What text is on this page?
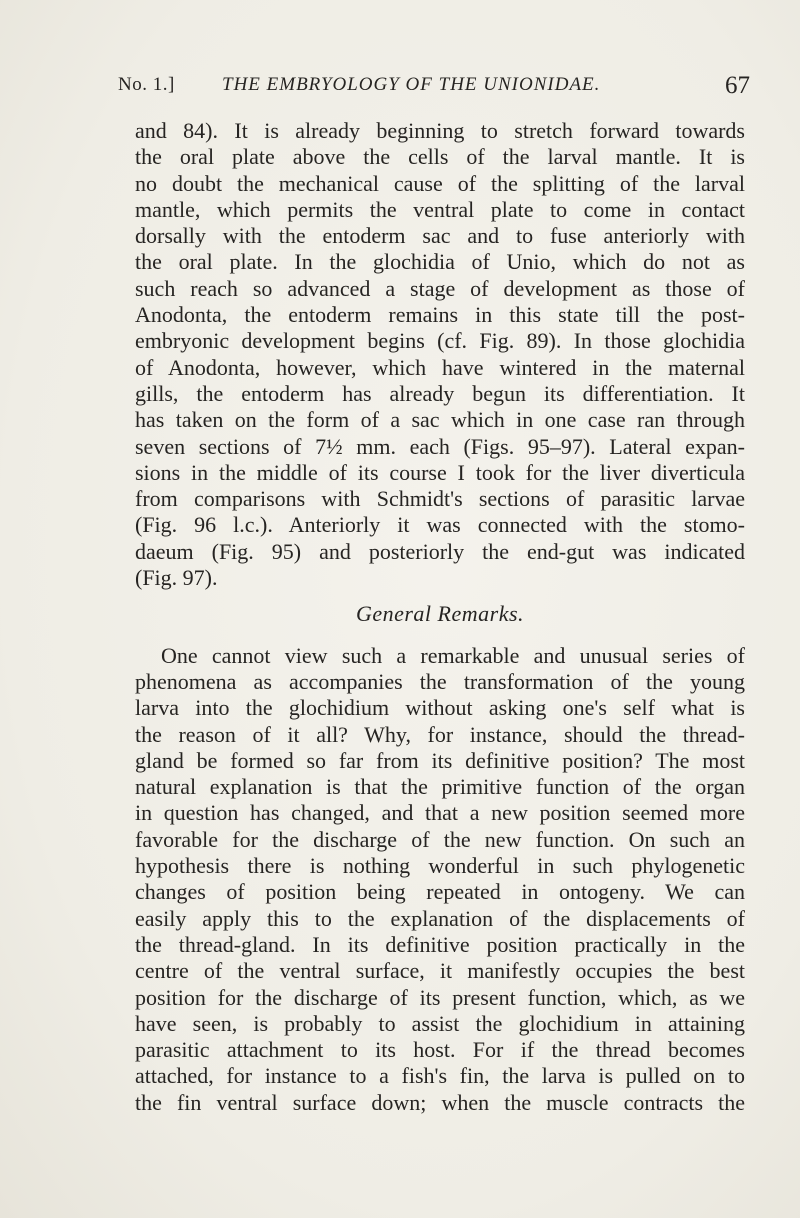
No. 1.] THE EMBRYOLOGY OF THE UNIONIDAE.	67
and 84). It is already beginning to stretch forward towards
the oral plate above the cells of the larval mantle. It is
no doubt the mechanical cause of the splitting of the larval
mantle, which permits the ventral plate to come in contact
dorsally with the entoderm sac and to fuse anteriorly with
the oral plate. In the glochidia of Unio, which do not as
such reach so advanced a stage of development as those of
Anodonta, the entoderm remains in this state till the post-
embryonic development begins (cf. Fig. 89). In those glochidia
of Anodonta, however, which have wintered in the maternal
gills, the entoderm has already begun its differentiation. It
has taken on the form of a sac which in one case ran through
seven sections of 7½ mm. each (Figs. 95–97). Lateral expan-
sions in the middle of its course I took for the liver diverticula
from comparisons with Schmidt's sections of parasitic larvae
(Fig. 96 l.c.). Anteriorly it was connected with the stomo-
daeum (Fig. 95) and posteriorly the end-gut was indicated
(Fig. 97).
General Remarks.
One cannot view such a remarkable and unusual series of
phenomena as accompanies the transformation of the young
larva into the glochidium without asking one's self what is
the reason of it all? Why, for instance, should the thread-
gland be formed so far from its definitive position? The most
natural explanation is that the primitive function of the organ
in question has changed, and that a new position seemed more
favorable for the discharge of the new function. On such an
hypothesis there is nothing wonderful in such phylogenetic
changes of position being repeated in ontogeny. We can
easily apply this to the explanation of the displacements of
the thread-gland. In its definitive position practically in the
centre of the ventral surface, it manifestly occupies the best
position for the discharge of its present function, which, as we
have seen, is probably to assist the glochidium in attaining
parasitic attachment to its host. For if the thread becomes
attached, for instance to a fish's fin, the larva is pulled on to
the fin ventral surface down; when the muscle contracts the
